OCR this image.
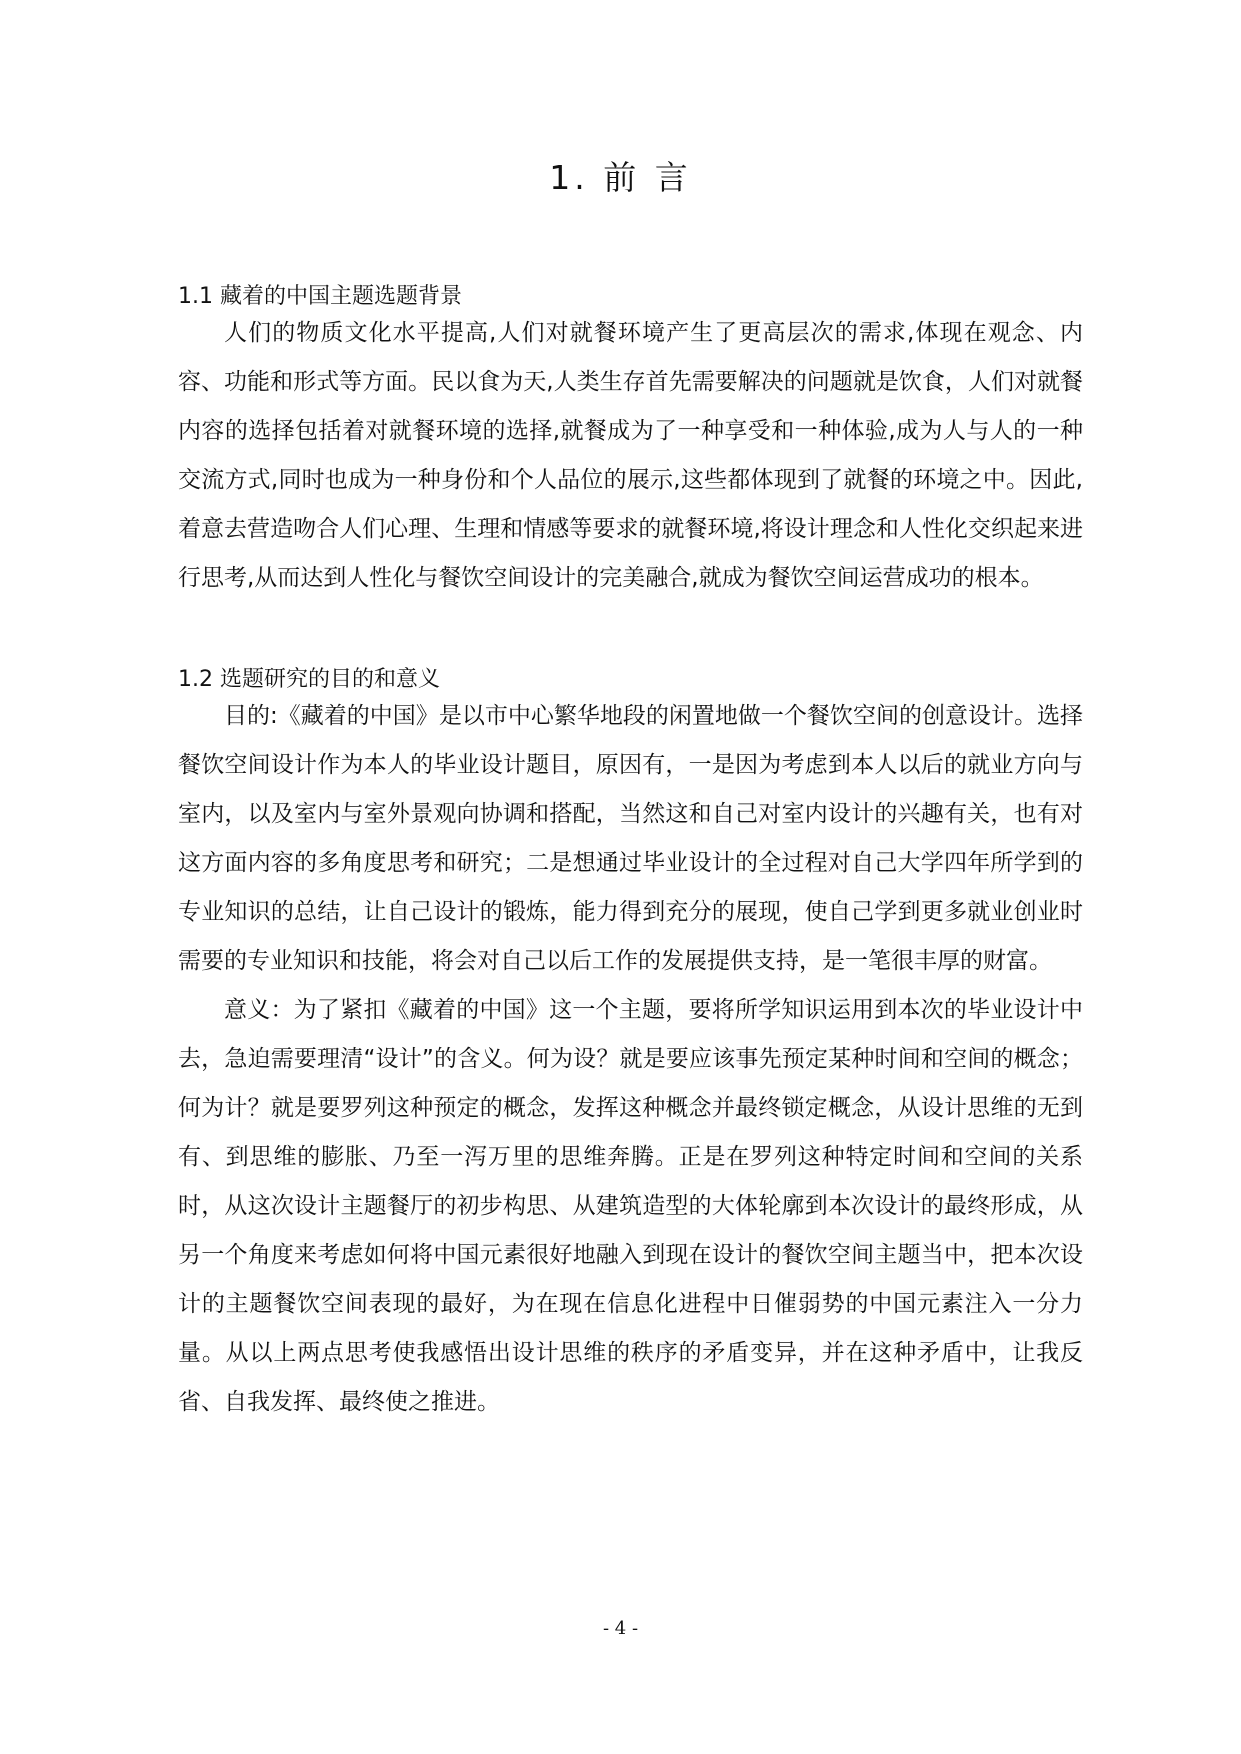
1. 前 言
1.1 藏着的中国主题选题背景

人们的物质文化水平提高,人们对就餐环境产生了更高层次的需求,体现在观念、内容、功能和形式等方面。民以食为天,人类生存首先需要解决的问题就是饮食，人们对就餐内容的选择包括着对就餐环境的选择,就餐成为了一种享受和一种体验,成为人与人的一种交流方式,同时也成为一种身份和个人品位的展示,这些都体现到了就餐的环境之中。因此,着意去营造吻合人们心理、生理和情感等要求的就餐环境,将设计理念和人性化交织起来进行思考,从而达到人性化与餐饮空间设计的完美融合,就成为餐饮空间运营成功的根本。

1.2 选题研究的目的和意义

目的:《藏着的中国》是以市中心繁华地段的闲置地做一个餐饮空间的创意设计。选择餐饮空间设计作为本人的毕业设计题目，原因有，一是因为考虑到本人以后的就业方向与室内，以及室内与室外景观向协调和搭配，当然这和自己对室内设计的兴趣有关，也有对这方面内容的多角度思考和研究；二是想通过毕业设计的全过程对自己大学四年所学到的专业知识的总结，让自己设计的锻炼，能力得到充分的展现，使自己学到更多就业创业时需要的专业知识和技能，将会对自己以后工作的发展提供支持，是一笔很丰厚的财富。

意义：为了紧扣《藏着的中国》这一个主题，要将所学知识运用到本次的毕业设计中去，急迫需要理清“设计”的含义。何为设？就是要应该事先预定某种时间和空间的概念；何为计？就是要罗列这种预定的概念，发挥这种概念并最终锁定概念，从设计思维的无到有、到思维的膨胀、乃至一泻万里的思维奔腾。正是在罗列这种特定时间和空间的关系时，从这次设计主题餐厅的初步构思、从建筑造型的大体轮廓到本次设计的最终形成，从另一个角度来考虑如何将中国元素很好地融入到现在设计的餐饮空间主题当中，把本次设计的主题餐饮空间表现的最好，为在现在信息化进程中日催弱势的中国元素注入一分力量。从以上两点思考使我感悟出设计思维的秩序的矛盾变异，并在这种矛盾中，让我反省、自我发挥、最终使之推进。

- 4 -
